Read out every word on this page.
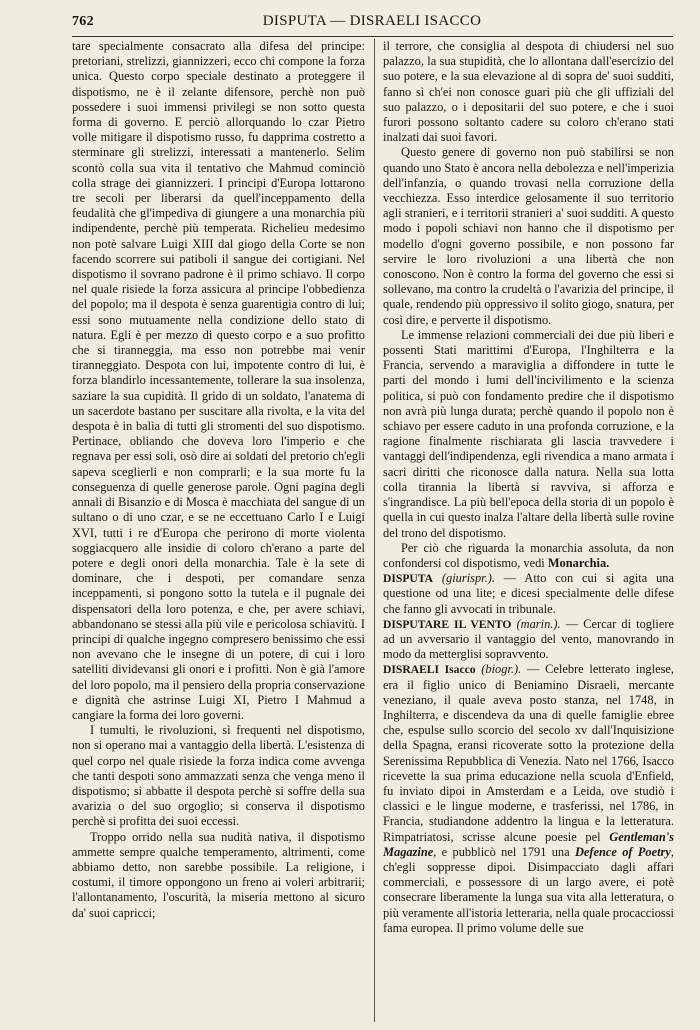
762	DISPUTA — DISRAELI ISACCO

tare specialmente consacrato alla difesa del principe: pretoriani, strelizzi, giannizzeri, ecco chi compone la forza unica. Questo corpo speciale destinato a proteggere il dispotismo, ne è il zelante difensore, perchè non può possedere i suoi immensi privilegi se non sotto questa forma di governo. E perciò allorquando lo czar Pietro volle mitigare il dispotismo russo, fu dapprima costretto a sterminare gli strelizzi, interessati a mantenerlo. Selim scontò colla sua vita il tentativo che Mahmud cominciò colla strage dei giannizzeri. I principi d'Europa lottarono tre secoli per liberarsi da quell'inceppamento della feudalità che gl'impediva di giungere a una monarchia più indipendente, perchè più temperata. Richelieu medesimo non potè salvare Luigi XIII dal giogo della Corte se non facendo scorrere sui patiboli il sangue dei cortigiani. Nel dispotismo il sovrano padrone è il primo schiavo. Il corpo nel quale risiede la forza assicura al principe l'obbedienza del popolo; ma il despota è senza guarentigia contro di lui; essi sono mutuamente nella condizione dello stato di natura. Egli è per mezzo di questo corpo e a suo profitto che si tiranneggia, ma esso non potrebbe mai venir tiranneggiato. Despota con lui, impotente contro di lui, è forza blandirlo incessantemente, tollerare la sua insolenza, saziare la sua cupidità. Il grido di un soldato, l'anatema di un sacerdote bastano per suscitare alla rivolta, e la vita del despota è in balìa di tutti gli stromenti del suo dispotismo. Pertinace, obliando che doveva loro l'imperio e che regnava per essi soli, osò dire ai soldati del pretorio ch'egli sapeva sceglierli e non comprarli; e la sua morte fu la conseguenza di quelle generose parole. Ogni pagina degli annali di Bisanzio e di Mosca è macchiata del sangue di un sultano o di uno czar, e se ne eccettuano Carlo I e Luigi XVI, tutti i re d'Europa che perirono di morte violenta soggiacquero alle insidie di coloro ch'erano a parte del potere e degli onori della monarchia. Tale è la sete di dominare, che i despoti, per comandare senza inceppamenti, si pongono sotto la tutela e il pugnale dei dispensatori della loro potenza, e che, per avere schiavi, abbandonano se stessi alla più vile e pericolosa schiavitù. I principi di qualche ingegno compresero benissimo che essi non avevano che le insegne di un potere, di cui i loro satelliti dividevansi gli onori e i profitti. Non è già l'amore del loro popolo, ma il pensiero della propria conservazione e dignità che astrinse Luigi XI, Pietro I Mahmud a cangiare la forma dei loro governi.

I tumulti, le rivoluzioni, sì frequenti nel dispotismo, non si operano mai a vantaggio della libertà. L'esistenza di quel corpo nel quale risiede la forza indica come avvenga che tanti despoti sono ammazzati senza che venga meno il dispotismo; si abbatte il despota perchè si soffre della sua avarizia o del suo orgoglio; si conserva il dispotismo perchè si profitta dei suoi eccessi.

Troppo orrido nella sua nudità nativa, il dispotismo ammette sempre qualche temperamento, altrimenti, come abbiamo detto, non sarebbe possibile. La religione, i costumi, il timore oppongono un freno ai voleri arbitrarii; l'allontanamento, l'oscurità, la miseria mettono al sicuro da' suoi capricci;

il terrore, che consiglia al despota di chiudersi nel suo palazzo, la sua stupidità, che lo allontana dall'esercizio del suo potere, e la sua elevazione al di sopra de' suoi sudditi, fanno sì ch'ei non conosce guari più che gli uffiziali del suo palazzo, o i depositarii del suo potere, e che i suoi furori possono soltanto cadere su coloro ch'erano stati inalzati dai suoi favori.

Questo genere di governo non può stabilirsi se non quando uno Stato è ancora nella debolezza e nell'imperizia dell'infanzia, o quando trovasi nella corruzione della vecchiezza. Esso interdice gelosamente il suo territorio agli stranieri, e i territorii stranieri a' suoi sudditi. A questo modo i popoli schiavi non hanno che il dispotismo per modello d'ogni governo possibile, e non possono far servire le loro rivoluzioni a una libertà che non conoscono. Non è contro la forma del governo che essi si sollevano, ma contro la crudeltà o l'avarizia del principe, il quale, rendendo più oppressivo il solito giogo, snatura, per così dire, e perverte il dispotismo.

Le immense relazioni commerciali dei due più liberi e possenti Stati marittimi d'Europa, l'Inghilterra e la Francia, servendo a maraviglia a diffondere in tutte le parti del mondo i lumi dell'incivilimento e la scienza politica, si può con fondamento predire che il dispotismo non avrà più lunga durata; perchè quando il popolo non è schiavo per essere caduto in una profonda corruzione, e la ragione finalmente rischiarata gli lascia travvedere i vantaggi dell'indipendenza, egli rivendica a mano armata i sacri diritti che riconosce dalla natura. Nella sua lotta colla tirannia la libertà si ravviva, si afforza e s'ingrandisce. La più bell'epoca della storia di un popolo è quella in cui questo inalza l'altare della libertà sulle rovine del trono del dispotismo.

Per ciò che riguarda la monarchia assoluta, da non confondersi col dispotismo, vedi Monarchia.

DISPUTA (giurispr.). — Atto con cui si agita una questione od una lite; e dicesi specialmente delle difese che fanno gli avvocati in tribunale.

DISPUTARE IL VENTO (marin.). — Cercar di togliere ad un avversario il vantaggio del vento, manovrando in modo da metterglisi sopravvento.

DISRAELI Isacco (biogr.). — Celebre letterato inglese, era il figlio unico di Beniamino Disraeli, mercante veneziano, il quale aveva posto stanza, nel 1748, in Inghilterra, e discendeva da una di quelle famiglie ebree che, espulse sullo scorcio del secolo xv dall'Inquisizione della Spagna, eransi ricoverate sotto la protezione della Serenissima Repubblica di Venezia. Nato nel 1766, Isacco ricevette la sua prima educazione nella scuola d'Enfield, fu inviato dipoi in Amsterdam e a Leida, ove studiò i classici e le lingue moderne, e trasferissi, nel 1786, in Francia, studiandone addentro la lingua e la letteratura. Rimpatriatosi, scrisse alcune poesie pel Gentleman's Magazine, e pubblicò nel 1791 una Defence of Poetry, ch'egli soppresse dipoi. Disimpacciato dagli affari commerciali, e possessore di un largo avere, ei potè consecrare liberamente la lunga sua vita alla letteratura, o più veramente all'istoria letteraria, nella quale procacciossi fama europea. Il primo volume delle sue
